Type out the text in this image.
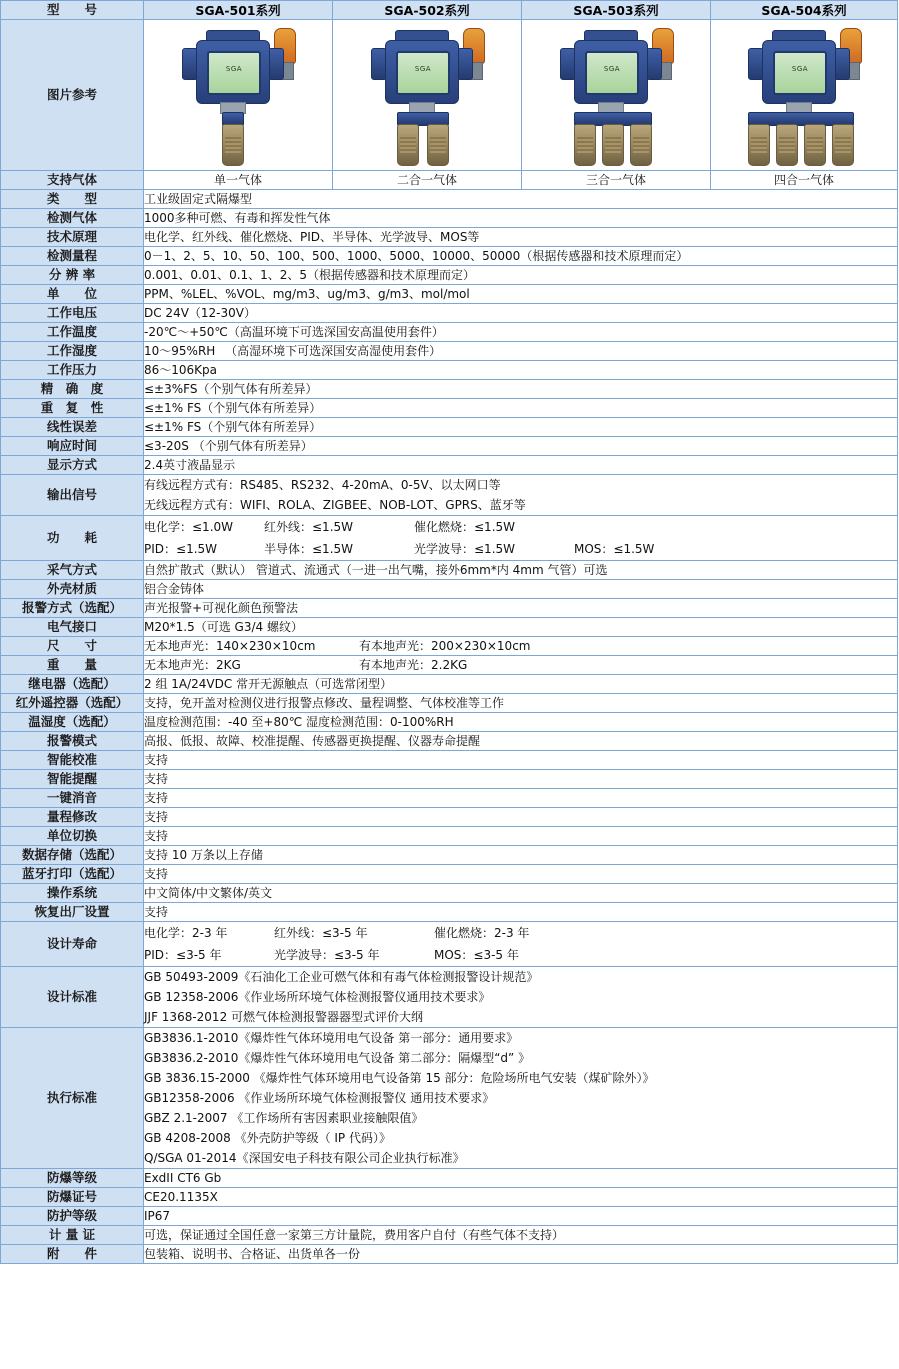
型　　号	SGA-501系列	SGA-502系列	SGA-503系列	SGA-504系列
图片参考	SGA	SGA	SGA	SGA

支持气体	单一气体	二合一气体	三合一气体	四合一气体
类　　型	工业级固定式隔爆型			
检测气体	1000多种可燃、有毒和挥发性气体			
技术原理	电化学、红外线、催化燃烧、PID、半导体、光学波导、MOS等			
检测量程	0－1、2、5、10、50、100、500、1000、5000、10000、50000（根据传感器和技术原理而定）			
分 辨 率	0.001、0.01、0.1、1、2、5（根据传感器和技术原理而定）			
单　　位	PPM、%LEL、%VOL、mg/m3、ug/m3、g/m3、mol/mol			
工作电压	DC 24V（12-30V）			
工作温度	-20℃～+50℃（高温环境下可选深国安高温使用套件）			
工作湿度	10～95%RH 　（高湿环境下可选深国安高湿使用套件）			
工作压力	86～106Kpa			
精　确　度	≤±3%FS（个别气体有所差异）			
重　复　性	≤±1% FS（个别气体有所差异）			
线性误差	≤±1% FS（个别气体有所差异）			
响应时间	≤3-20S （个别气体有所差异）			
显示方式	2.4英寸液晶显示			
输出信号	有线远程方式有：RS485、RS232、4-20mA、0-5V、以太网口等
无线远程方式有：WIFI、ROLA、ZIGBEE、NOB-LOT、GPRS、蓝牙等			

功　　耗	
电化学：≤1.0W	红外线：≤1.5W	催化燃烧：≤1.5W
PID：≤1.5W	半导体：≤1.5W	光学波导：≤1.5W	MOS：≤1.5W

采气方式	自然扩散式（默认） 管道式、流通式（一进一出气嘴，接外6mm*内 4mm 气管）可选			
外壳材质	铝合金铸体			
报警方式（选配）	声光报警+可视化颜色预警法			
电气接口	M20*1.5（可选 G3/4 螺纹）			
尺　　寸	无本地声光：140×230×10cm 有本地声光：200×230×10cm			
重　　量	无本地声光：2KG 有本地声光：2.2KG			
继电器（选配）	2 组 1A/24VDC 常开无源触点（可选常闭型）			
红外遥控器（选配）	支持，免开盖对检测仪进行报警点修改、量程调整、气体校准等工作			
温湿度（选配）	温度检测范围：-40 至+80℃ 湿度检测范围：0-100%RH			
报警模式	高报、低报、故障、校准提醒、传感器更换提醒、仪器寿命提醒			
智能校准	支持			
智能提醒	支持			
一键消音	支持			
量程修改	支持			
单位切换	支持			
数据存储（选配）	支持 10 万条以上存储			
蓝牙打印（选配）	支持			
操作系统	中文简体/中文繁体/英文			
恢复出厂设置	支持			
设计寿命	
电化学：2-3 年	红外线：≤3-5 年	催化燃烧：2-3 年
PID：≤3-5 年	光学波导：≤3-5 年	MOS：≤3-5 年

设计标准	GB 50493-2009《石油化工企业可燃气体和有毒气体检测报警设计规范》
GB 12358-2006《作业场所环境气体检测报警仪通用技术要求》
JJF 1368-2012 可燃气体检测报警器器型式评价大纲			

执行标准	
GB3836.1-2010《爆炸性气体环境用电气设备 第一部分：通用要求》
GB3836.2-2010《爆炸性气体环境用电气设备 第二部分：隔爆型“d” 》
GB 3836.15-2000 《爆炸性气体环境用电气设备第 15 部分：危险场所电气安装（煤矿除外）》
GB12358-2006 《作业场所环境气体检测报警仪 通用技术要求》
GBZ 2.1-2007 《工作场所有害因素职业接触限值》
GB 4208-2008 《外壳防护等级（ IP 代码）》
Q/SGA 01-2014《深国安电子科技有限公司企业执行标准》

防爆等级	ExdII CT6 Gb			
防爆证号	CE20.1135X			
防护等级	IP67			
计 量 证	可选，保证通过全国任意一家第三方计量院，费用客户自付（有些气体不支持）			
附　　件	包装箱、说明书、合格证、出货单各一份			
